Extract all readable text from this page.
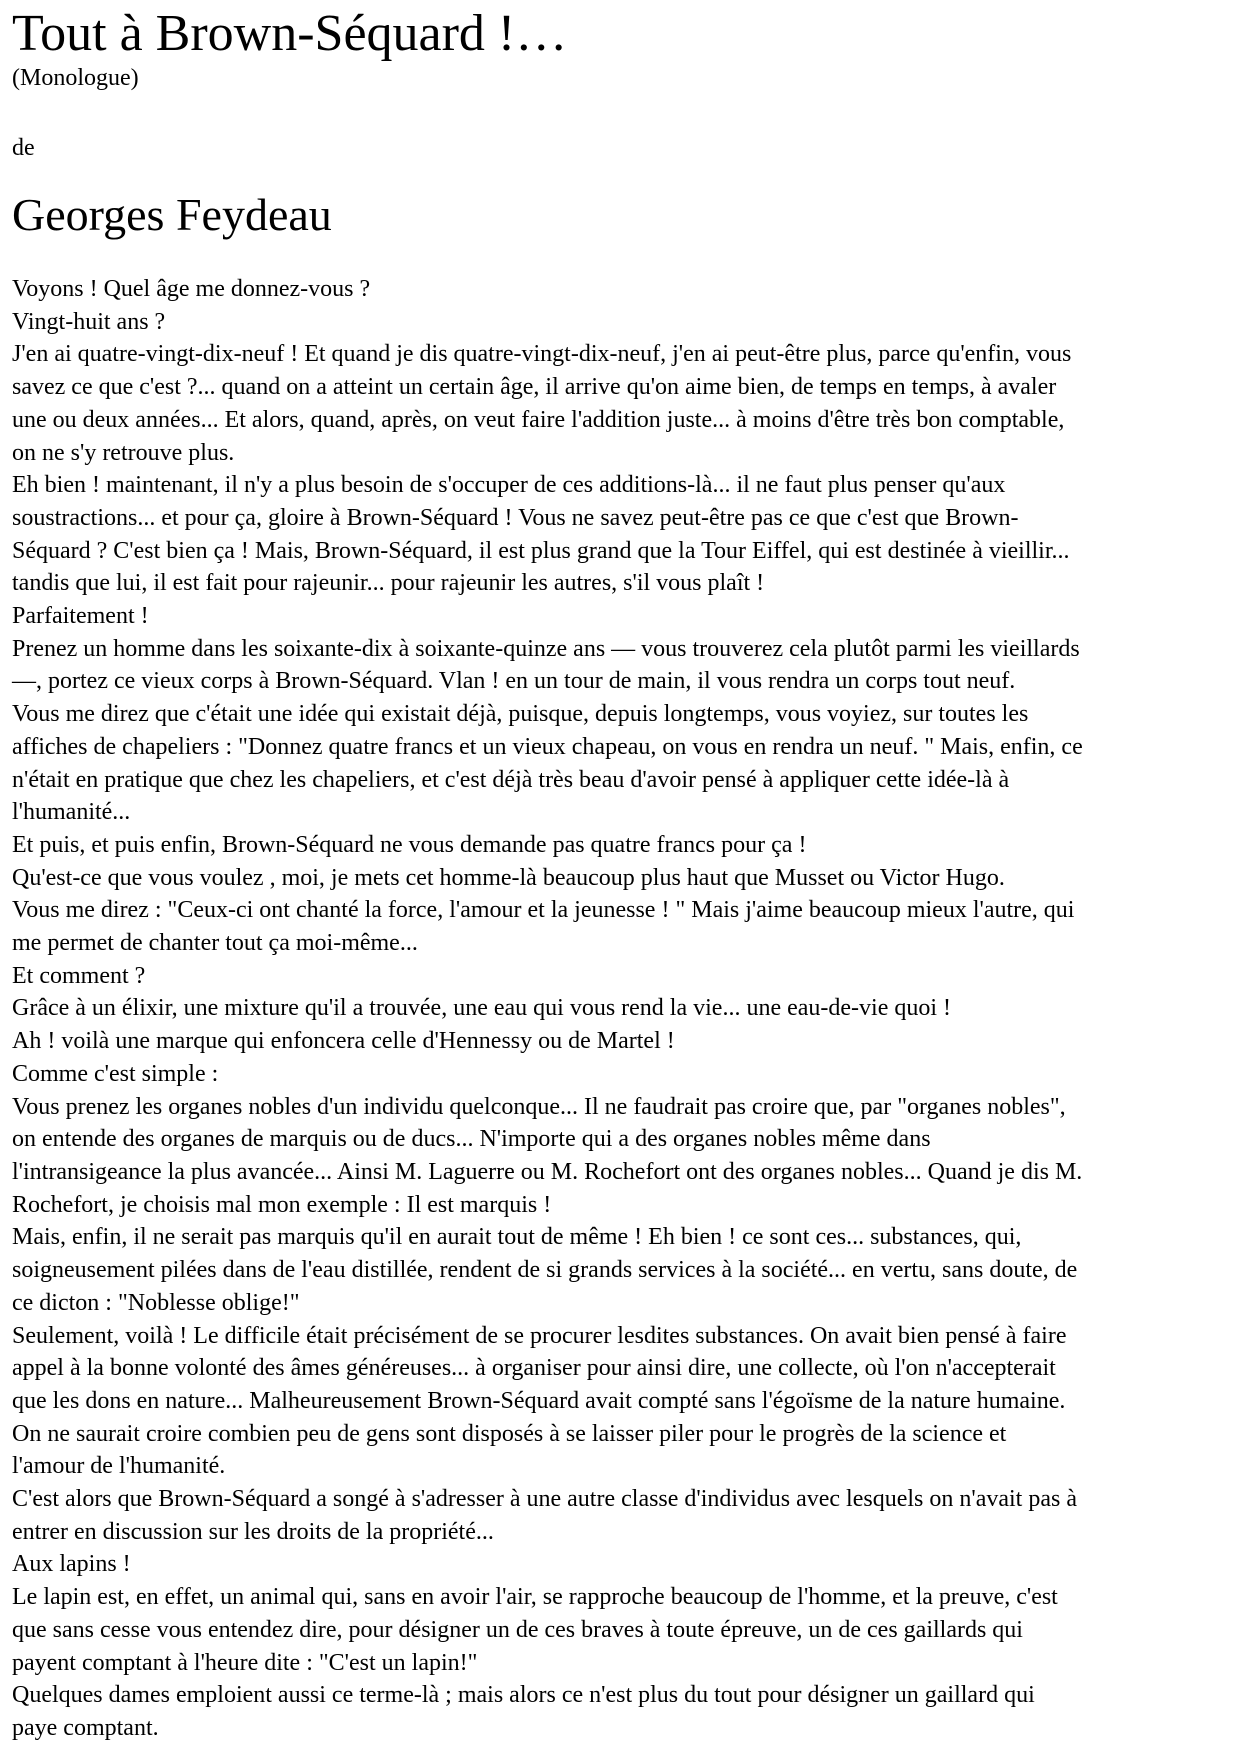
Tout à Brown-Séquard !…

(Monologue)

de

Georges Feydeau
Voyons ! Quel âge me donnez-vous ?
Vingt-huit ans ?
J'en ai quatre-vingt-dix-neuf ! Et quand je dis quatre-vingt-dix-neuf, j'en ai peut-être plus, parce qu'enfin, vous
savez ce que c'est ?... quand on a atteint un certain âge, il arrive qu'on aime bien, de temps en temps, à avaler
une ou deux années... Et alors, quand, après, on veut faire l'addition juste... à moins d'être très bon comptable,
on ne s'y retrouve plus.
Eh bien ! maintenant, il n'y a plus besoin de s'occuper de ces additions-là... il ne faut plus penser qu'aux
soustractions... et pour ça, gloire à Brown-Séquard ! Vous ne savez peut-être pas ce que c'est que Brown-
Séquard ? C'est bien ça ! Mais, Brown-Séquard, il est plus grand que la Tour Eiffel, qui est destinée à vieillir...
tandis que lui, il est fait pour rajeunir... pour rajeunir les autres, s'il vous plaît !
Parfaitement !
Prenez un homme dans les soixante-dix à soixante-quinze ans — vous trouverez cela plutôt parmi les vieillards
—, portez ce vieux corps à Brown-Séquard. Vlan ! en un tour de main, il vous rendra un corps tout neuf.
Vous me direz que c'était une idée qui existait déjà, puisque, depuis longtemps, vous voyiez, sur toutes les
affiches de chapeliers : "Donnez quatre francs et un vieux chapeau, on vous en rendra un neuf. " Mais, enfin, ce
n'était en pratique que chez les chapeliers, et c'est déjà très beau d'avoir pensé à appliquer cette idée-là à
l'humanité...
Et puis, et puis enfin, Brown-Séquard ne vous demande pas quatre francs pour ça !
Qu'est-ce que vous voulez , moi, je mets cet homme-là beaucoup plus haut que Musset ou Victor Hugo.
Vous me direz : "Ceux-ci ont chanté la force, l'amour et la jeunesse ! " Mais j'aime beaucoup mieux l'autre, qui
me permet de chanter tout ça moi-même...
Et comment ?
Grâce à un élixir, une mixture qu'il a trouvée, une eau qui vous rend la vie... une eau-de-vie quoi !
Ah ! voilà une marque qui enfoncera celle d'Hennessy ou de Martel !
Comme c'est simple :
Vous prenez les organes nobles d'un individu quelconque... Il ne faudrait pas croire que, par "organes nobles",
on entende des organes de marquis ou de ducs... N'importe qui a des organes nobles même dans
l'intransigeance la plus avancée... Ainsi M. Laguerre ou M. Rochefort ont des organes nobles... Quand je dis M.
Rochefort, je choisis mal mon exemple : Il est marquis !
Mais, enfin, il ne serait pas marquis qu'il en aurait tout de même ! Eh bien ! ce sont ces... substances, qui,
soigneusement pilées dans de l'eau distillée, rendent de si grands services à la société... en vertu, sans doute, de
ce dicton : "Noblesse oblige!"
Seulement, voilà ! Le difficile était précisément de se procurer lesdites substances. On avait bien pensé à faire
appel à la bonne volonté des âmes généreuses... à organiser pour ainsi dire, une collecte, où l'on n'accepterait
que les dons en nature... Malheureusement Brown-Séquard avait compté sans l'égoïsme de la nature humaine.
On ne saurait croire combien peu de gens sont disposés à se laisser piler pour le progrès de la science et
l'amour de l'humanité.
C'est alors que Brown-Séquard a songé à s'adresser à une autre classe d'individus avec lesquels on n'avait pas à
entrer en discussion sur les droits de la propriété...
Aux lapins !
Le lapin est, en effet, un animal qui, sans en avoir l'air, se rapproche beaucoup de l'homme, et la preuve, c'est
que sans cesse vous entendez dire, pour désigner un de ces braves à toute épreuve, un de ces gaillards qui
payent comptant à l'heure dite : "C'est un lapin!"
Quelques dames emploient aussi ce terme-là ; mais alors ce n'est plus du tout pour désigner un gaillard qui
paye comptant.
